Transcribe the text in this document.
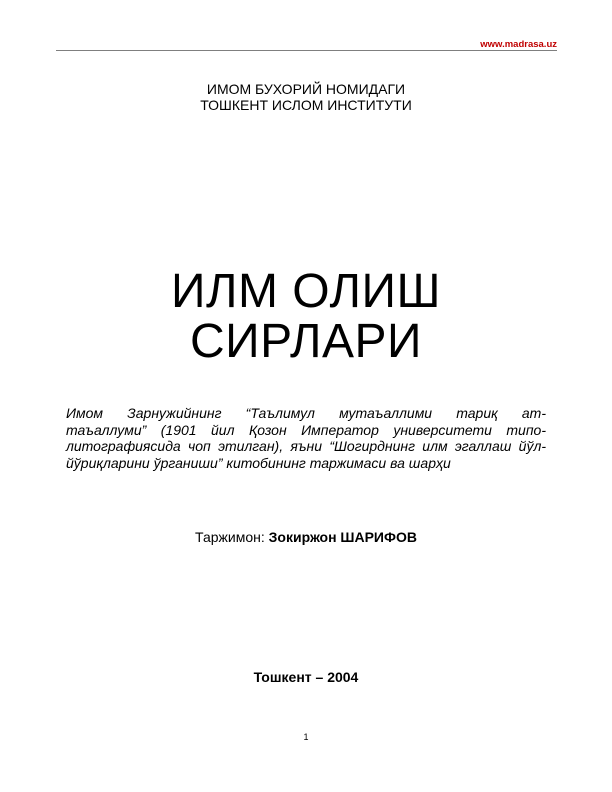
www.madrasa.uz
ИМОМ БУХОРИЙ НОМИДАГИ
ТОШКЕНТ ИСЛОМ ИНСТИТУТИ
ИЛМ ОЛИШ
СИРЛАРИ
Имом Зарнужийнинг “Таълимул мутаъаллими тариқ ат-
таъаллуми” (1901 йил Қозон Император университети типо-
литографиясида чоп этилган), яъни “Шогирднинг илм эгаллаш йўл-
йўриқларини ўрганиши” китобининг таржимаси ва шарҳи
Таржимон: Зокиржон ШАРИФОВ
Тошкент – 2004
1
